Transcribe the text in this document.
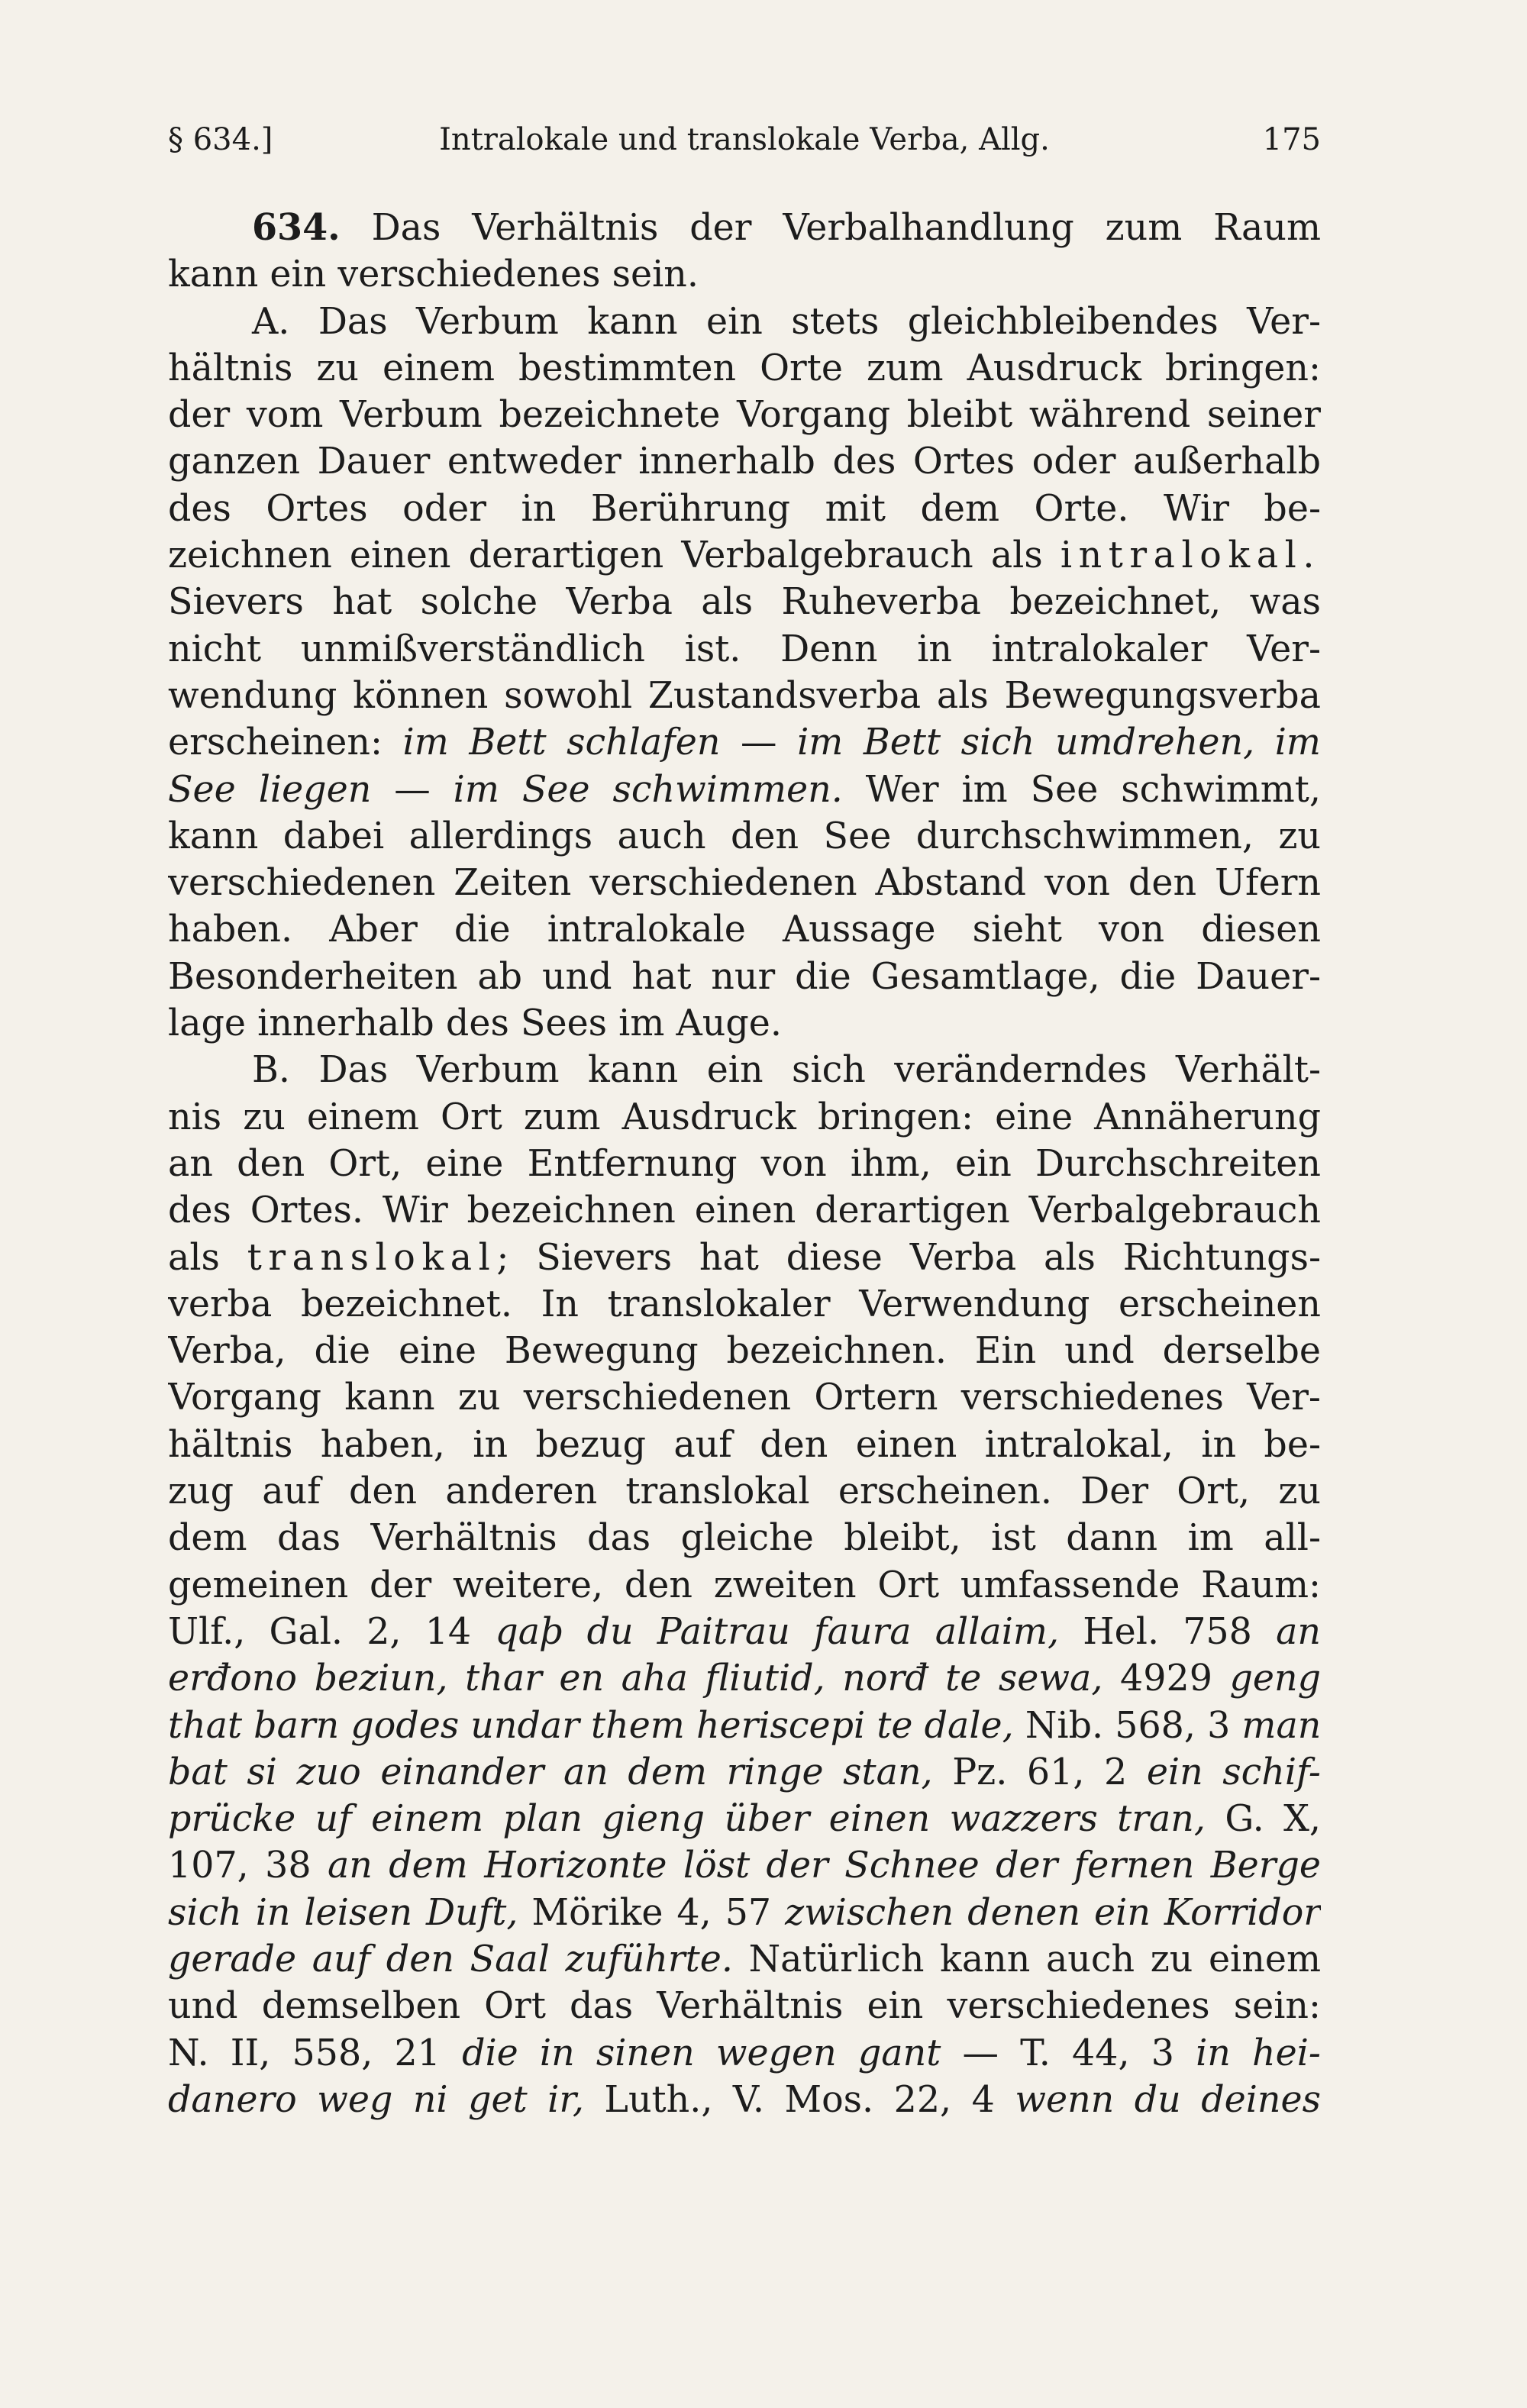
§ 634.]	Intralokale und translokale Verba, Allg.	175
634. Das Verhältnis der Verbalhandlung zum Raum
kann ein verschiedenes sein.
A. Das Verbum kann ein stets gleichbleibendes Ver-
hältnis zu einem bestimmten Orte zum Ausdruck bringen:
der vom Verbum bezeichnete Vorgang bleibt während seiner
ganzen Dauer entweder innerhalb des Ortes oder außerhalb
des Ortes oder in Berührung mit dem Orte. Wir be-
zeichnen einen derartigen Verbalgebrauch als intralokal.
Sievers hat solche Verba als Ruheverba bezeichnet, was
nicht unmißverständlich ist. Denn in intralokaler Ver-
wendung können sowohl Zustandsverba als Bewegungsverba
erscheinen: im Bett schlafen — im Bett sich umdrehen, im
See liegen — im See schwimmen. Wer im See schwimmt,
kann dabei allerdings auch den See durchschwimmen, zu
verschiedenen Zeiten verschiedenen Abstand von den Ufern
haben. Aber die intralokale Aussage sieht von diesen
Besonderheiten ab und hat nur die Gesamtlage, die Dauer-
lage innerhalb des Sees im Auge.
B. Das Verbum kann ein sich veränderndes Verhält-
nis zu einem Ort zum Ausdruck bringen: eine Annäherung
an den Ort, eine Entfernung von ihm, ein Durchschreiten
des Ortes. Wir bezeichnen einen derartigen Verbalgebrauch
als translokal; Sievers hat diese Verba als Richtungs-
verba bezeichnet. In translokaler Verwendung erscheinen
Verba, die eine Bewegung bezeichnen. Ein und derselbe
Vorgang kann zu verschiedenen Ortern verschiedenes Ver-
hältnis haben, in bezug auf den einen intralokal, in be-
zug auf den anderen translokal erscheinen. Der Ort, zu
dem das Verhältnis das gleiche bleibt, ist dann im all-
gemeinen der weitere, den zweiten Ort umfassende Raum:
Ulf., Gal. 2, 14 qaþ du Paitrau faura allaim, Hel. 758 an
erđono beziun, thar en aha fliutid, norđ te sewa, 4929 geng
that barn godes undar them heriscepi te dale, Nib. 568, 3 man
bat si zuo einander an dem ringe stan, Pz. 61, 2 ein schif-
prücke uf einem plan gieng über einen wazzers tran, G. X,
107, 38 an dem Horizonte löst der Schnee der fernen Berge
sich in leisen Duft, Mörike 4, 57 zwischen denen ein Korridor
gerade auf den Saal zuführte. Natürlich kann auch zu einem
und demselben Ort das Verhältnis ein verschiedenes sein:
N. II, 558, 21 die in sinen wegen gant — T. 44, 3 in hei-
danero weg ni get ir, Luth., V. Mos. 22, 4 wenn du deines
